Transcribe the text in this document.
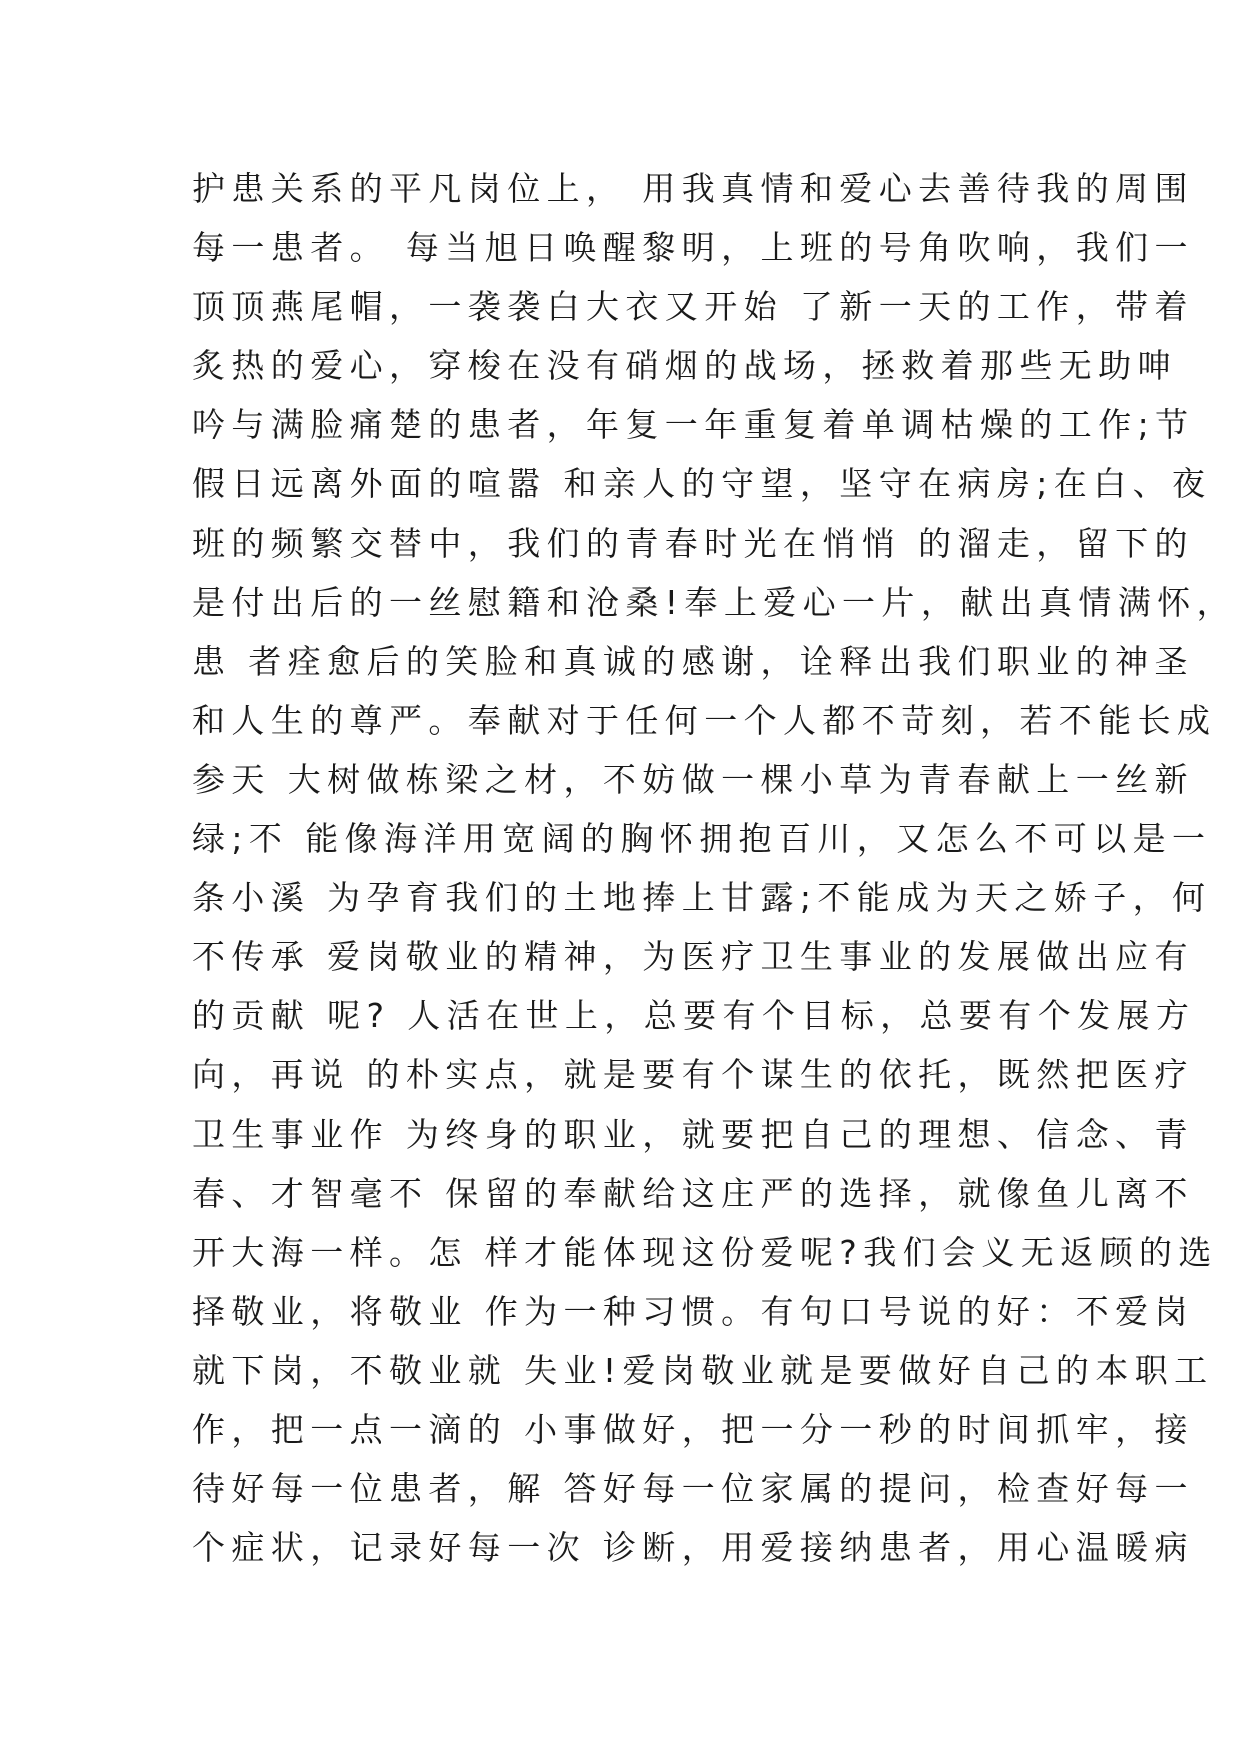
护患关系的平凡岗位上， 用我真情和爱心去善待我的周围
每一患者。 每当旭日唤醒黎明，上班的号角吹响，我们一
顶顶燕尾帽，一袭袭白大衣又开始 了新一天的工作，带着
炙热的爱心，穿梭在没有硝烟的战场，拯救着那些无助呻
吟与满脸痛楚的患者，年复一年重复着单调枯燥的工作;节
假日远离外面的喧嚣 和亲人的守望，坚守在病房;在白、夜
班的频繁交替中，我们的青春时光在悄悄 的溜走，留下的
是付出后的一丝慰籍和沧桑!奉上爱心一片，献出真情满怀，
患 者痊愈后的笑脸和真诚的感谢，诠释出我们职业的神圣
和人生的尊严。奉献对于任何一个人都不苛刻，若不能长成
参天 大树做栋梁之材，不妨做一棵小草为青春献上一丝新
绿;不 能像海洋用宽阔的胸怀拥抱百川，又怎么不可以是一
条小溪 为孕育我们的土地捧上甘露;不能成为天之娇子，何
不传承 爱岗敬业的精神，为医疗卫生事业的发展做出应有
的贡献 呢? 人活在世上，总要有个目标，总要有个发展方
向，再说 的朴实点，就是要有个谋生的依托，既然把医疗
卫生事业作 为终身的职业，就要把自己的理想、信念、青
春、才智毫不 保留的奉献给这庄严的选择，就像鱼儿离不
开大海一样。怎 样才能体现这份爱呢?我们会义无返顾的选
择敬业，将敬业 作为一种习惯。有句口号说的好：不爱岗
就下岗，不敬业就 失业!爱岗敬业就是要做好自己的本职工
作，把一点一滴的 小事做好，把一分一秒的时间抓牢，接
待好每一位患者，解 答好每一位家属的提问，检查好每一
个症状，记录好每一次 诊断，用爱接纳患者，用心温暖病
